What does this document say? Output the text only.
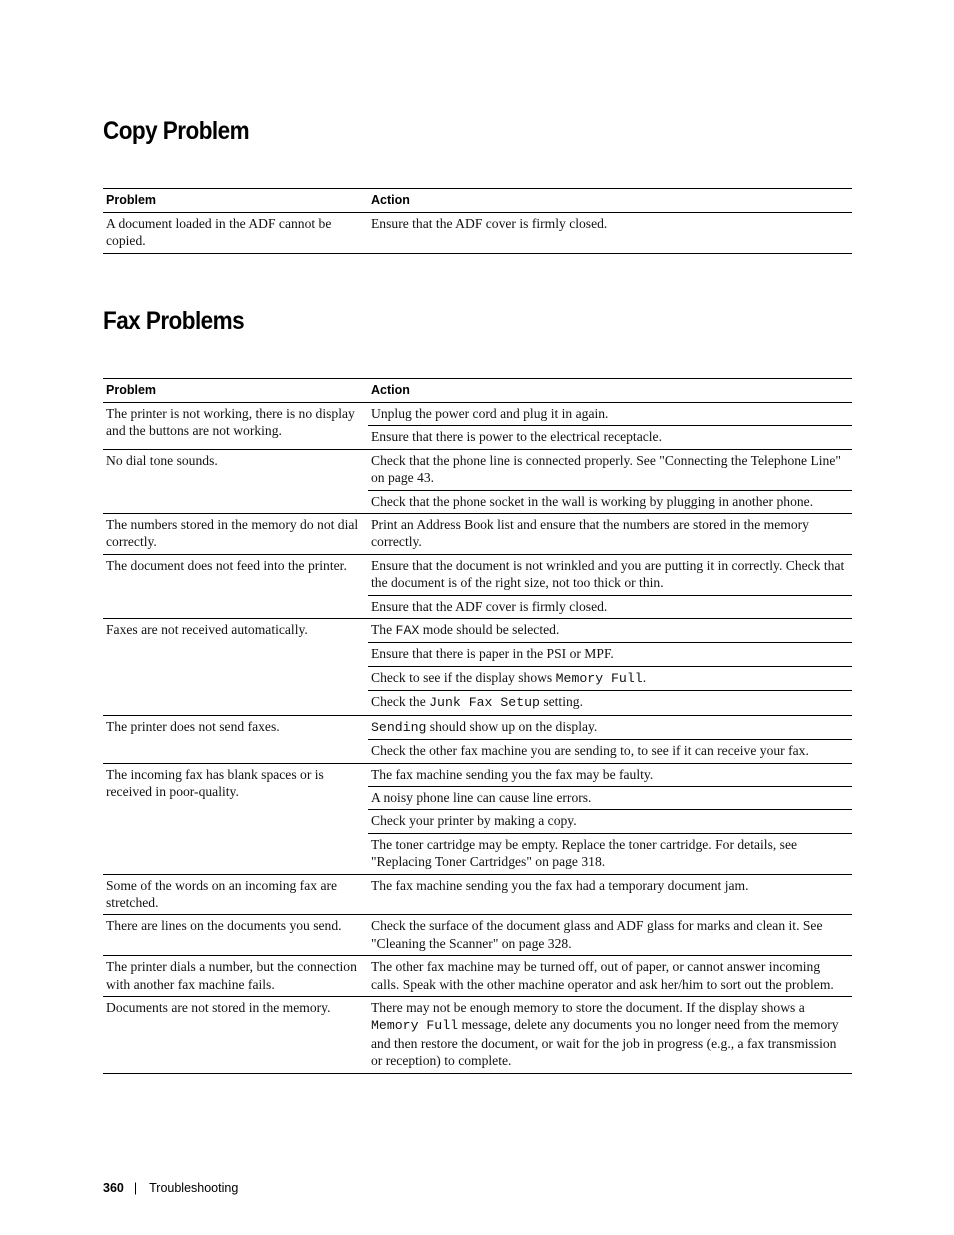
Copy Problem
Problem	Action
A document loaded in the ADF cannot be copied.	Ensure that the ADF cover is firmly closed.
Fax Problems
Problem	Action
The printer is not working, there is no display and the buttons are not working.	Unplug the power cord and plug it in again.
	Ensure that there is power to the electrical receptacle.
No dial tone sounds.	Check that the phone line is connected properly. See "Connecting the Telephone Line" on page 43.
	Check that the phone socket in the wall is working by plugging in another phone.
The numbers stored in the memory do not dial correctly.	Print an Address Book list and ensure that the numbers are stored in the memory correctly.
The document does not feed into the printer.	Ensure that the document is not wrinkled and you are putting it in correctly. Check that the document is of the right size, not too thick or thin.
	Ensure that the ADF cover is firmly closed.
Faxes are not received automatically.	The FAX mode should be selected.
	Ensure that there is paper in the PSI or MPF.
	Check to see if the display shows Memory Full.
	Check the Junk Fax Setup setting.
The printer does not send faxes.	Sending should show up on the display.
	Check the other fax machine you are sending to, to see if it can receive your fax.
The incoming fax has blank spaces or is received in poor-quality.	The fax machine sending you the fax may be faulty.
	A noisy phone line can cause line errors.
	Check your printer by making a copy.
	The toner cartridge may be empty. Replace the toner cartridge. For details, see "Replacing Toner Cartridges" on page 318.
Some of the words on an incoming fax are stretched.	The fax machine sending you the fax had a temporary document jam.
There are lines on the documents you send.	Check the surface of the document glass and ADF glass for marks and clean it. See "Cleaning the Scanner" on page 328.
The printer dials a number, but the connection with another fax machine fails.	The other fax machine may be turned off, out of paper, or cannot answer incoming calls. Speak with the other machine operator and ask her/him to sort out the problem.
Documents are not stored in the memory.	There may not be enough memory to store the document. If the display shows a Memory Full message, delete any documents you no longer need from the memory and then restore the document, or wait for the job in progress (e.g., a fax transmission or reception) to complete.
360 | Troubleshooting
